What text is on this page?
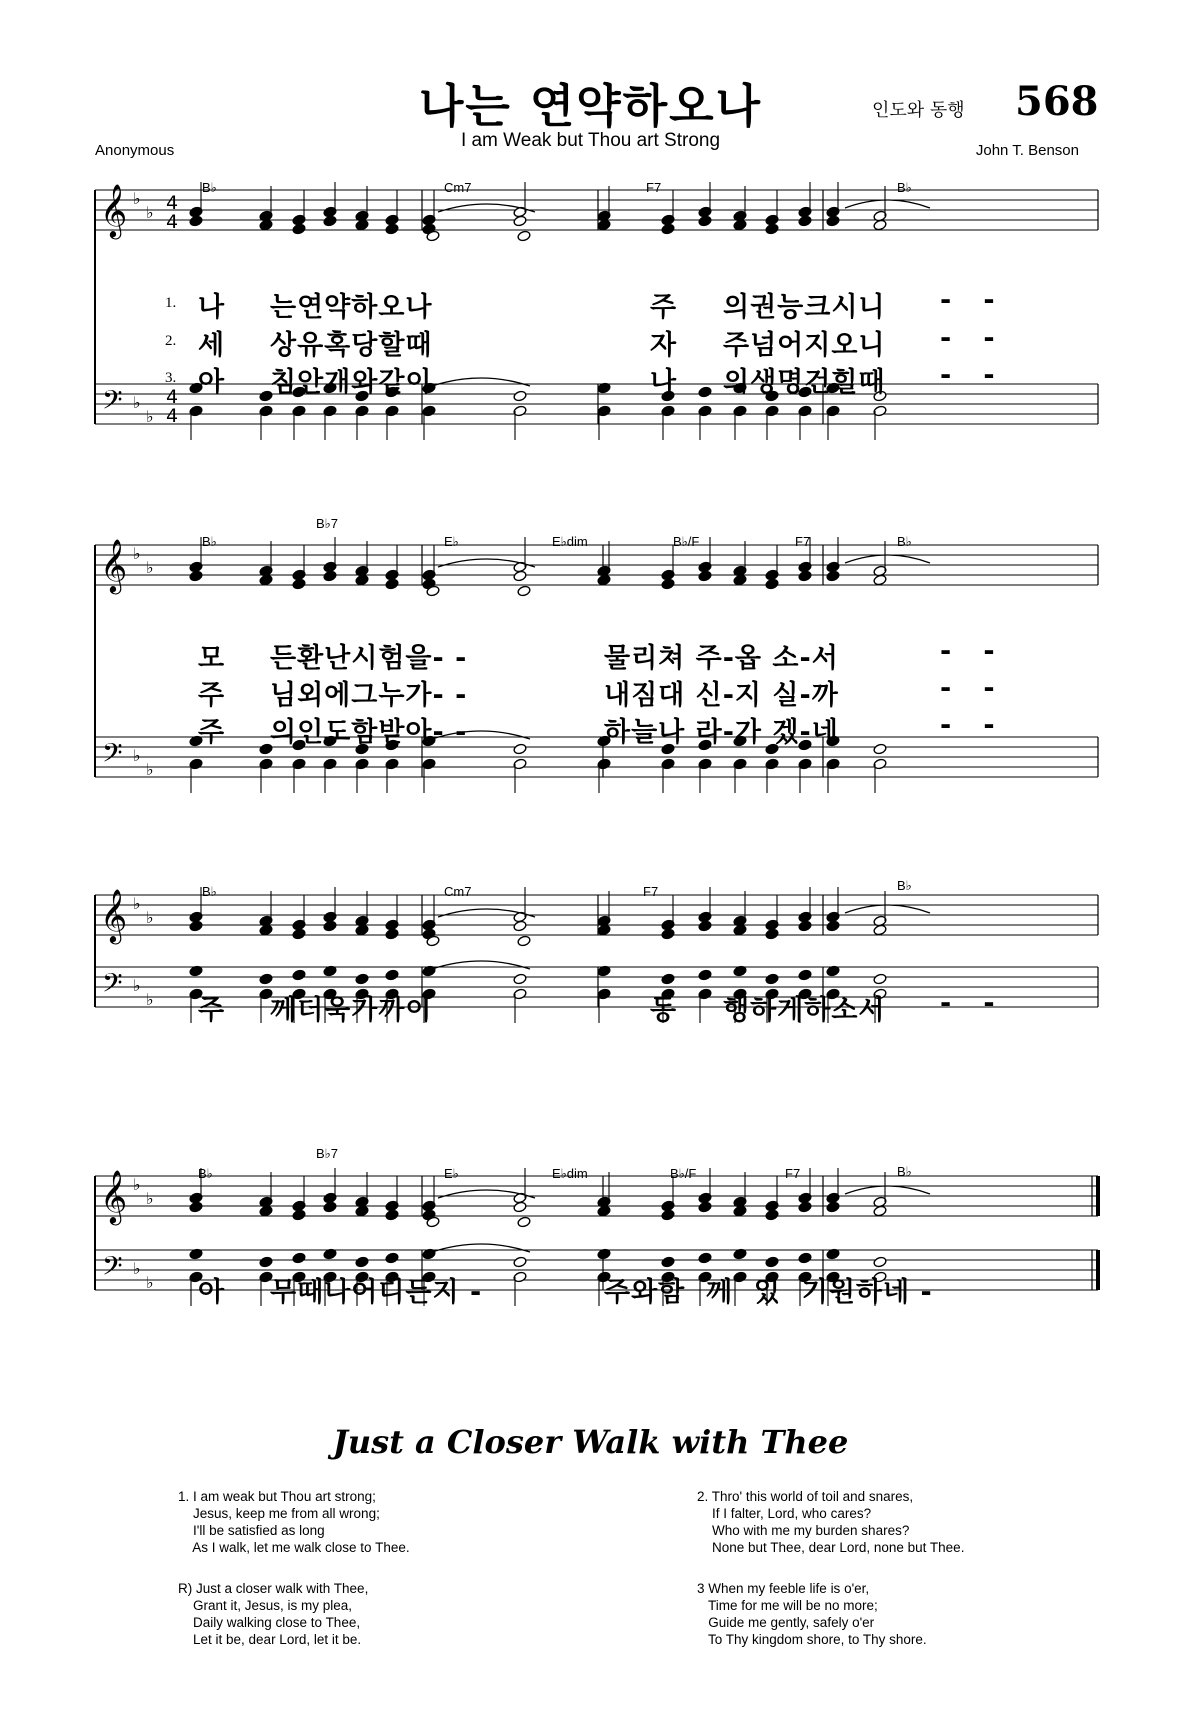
나는 연약하오나
I am Weak but Thou art Strong
인도와 동행 568
Anonymous	John T. Benson
𝄞
𝄢
♭
♭
♭
♭
4
4
4
4
𝄞
𝄢
♭
♭
♭
♭
𝄞
𝄢
♭
♭
♭
♭
𝄞
𝄢
♭
♭
♭
♭
B♭	Cm7	F7	B♭
1.
2.
3.
나 는연약하오나	주 의권능크시니 -   -
세 상유혹당할때	자 주넘어지오니 -   -
아 침안개와같이	나 의생명건힐때 -   -
B♭
B♭7
E♭	E♭dim	B♭/F	F7	B♭
모 든환난시험을- -	물리쳐 주-옵 소-서	-   -
주 님외에그누가- -	내짐대 신-지 실-까	-   -
주 의인도함받아- -	하늘나 라-가 겠-네	-   -
B♭	Cm7	F7	B♭
주 께더욱가까이	동 행하게하소서 -   -
B♭
B♭7
E♭	E♭dim	B♭/F	F7	B♭
아 무때나어디든지 -	주와함  께  있  기원하네 -
Just a Closer Walk with Thee
1. I am weak but Thou art strong;
Jesus, keep me from all wrong;
I'll be satisfied as long
As I walk, let me walk close to Thee.
R) Just a closer walk with Thee,
Grant it, Jesus, is my plea,
Daily walking close to Thee,
Let it be, dear Lord, let it be.
2. Thro' this world of toil and snares,
If I falter, Lord, who cares?
Who with me my burden shares?
None but Thee, dear Lord, none but Thee.
3 When my feeble life is o'er,
Time for me will be no more;
Guide me gently, safely o'er
To Thy kingdom shore, to Thy shore.
